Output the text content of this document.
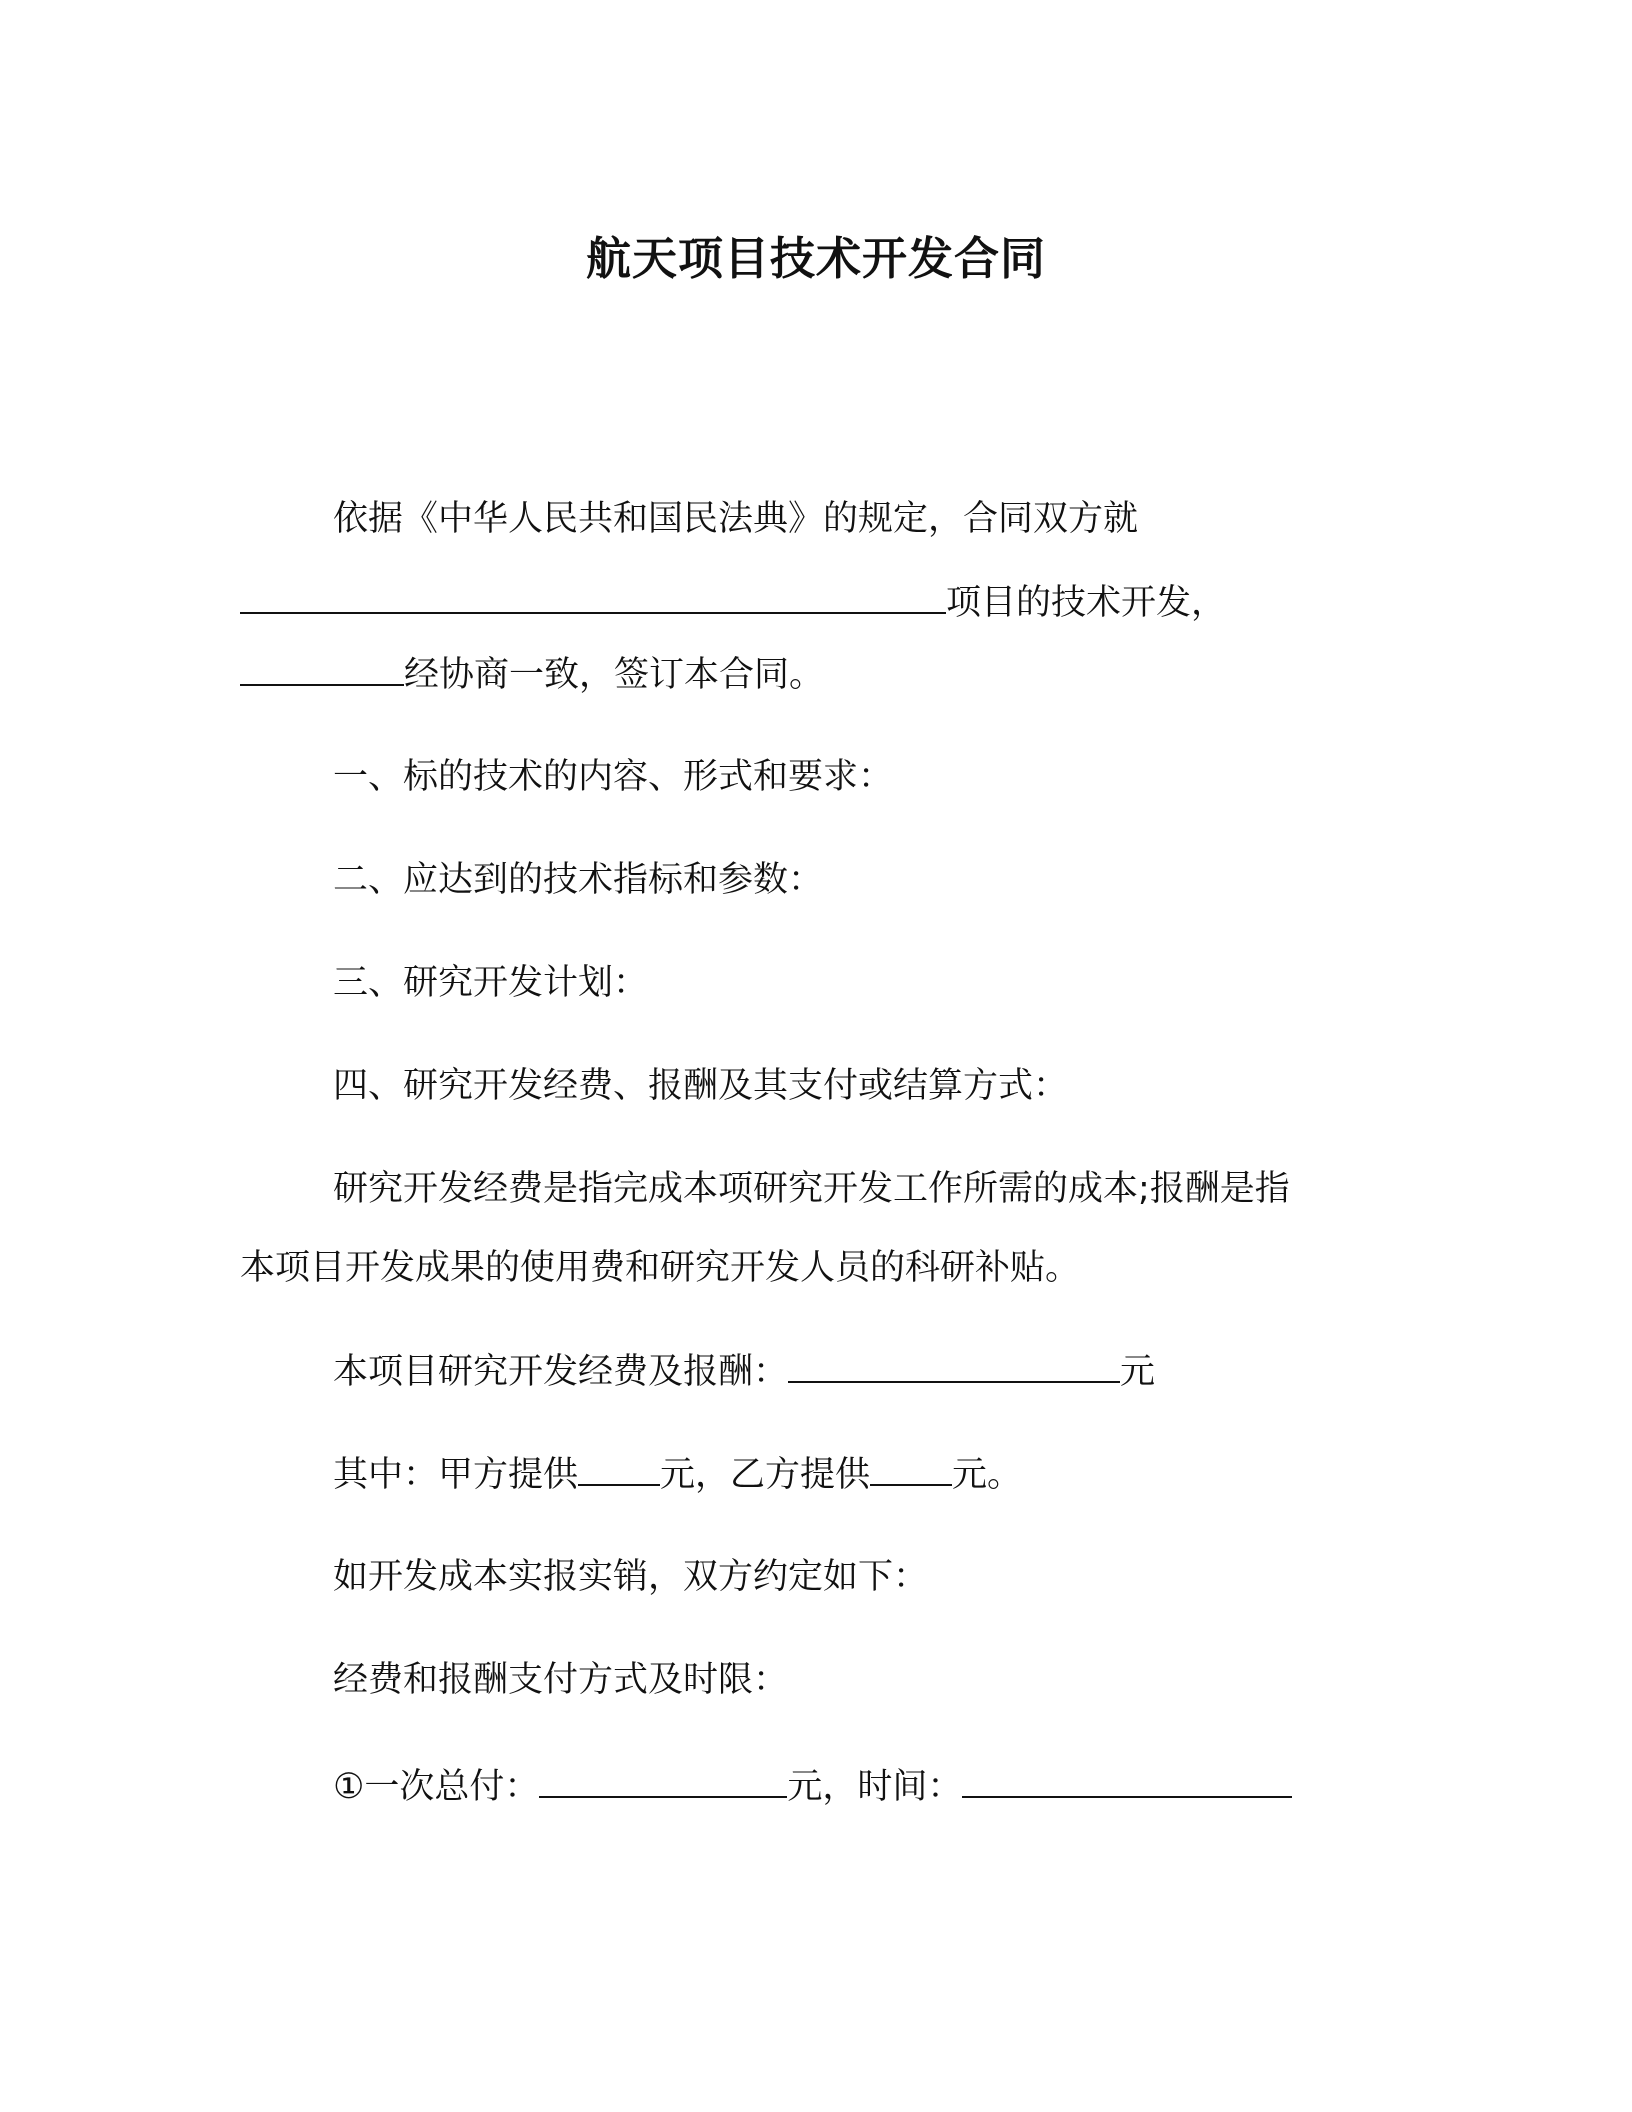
航天项目技术开发合同
依据《中华人民共和国民法典》的规定，合同双方就
项目的技术开发，
经协商一致，签订本合同。
一、标的技术的内容、形式和要求：
二、应达到的技术指标和参数：
三、研究开发计划：
四、研究开发经费、报酬及其支付或结算方式：
研究开发经费是指完成本项研究开发工作所需的成本;报酬是指
本项目开发成果的使用费和研究开发人员的科研补贴。
本项目研究开发经费及报酬：	元
其中：甲方提供 元，乙方提供 元。
如开发成本实报实销，双方约定如下：
经费和报酬支付方式及时限：
①一次总付：	元，时间：
